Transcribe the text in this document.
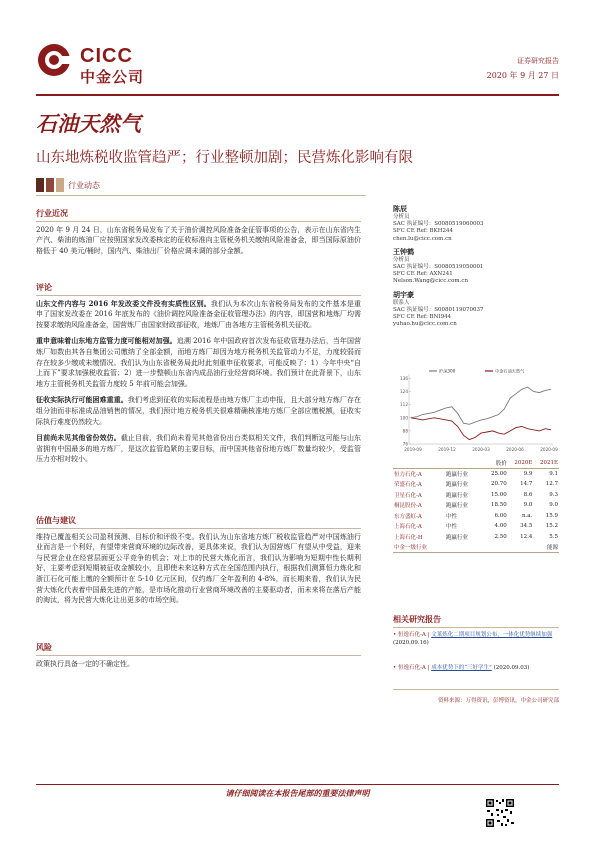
CICC
中金公司
证券研究报告
2020 年 9 月 27 日
石油天然气
山东地炼税收监管趋严；行业整顿加剧；民营炼化影响有限
行业动态
行业近况
2020 年 9 月 24 日，山东省税务局发布了关于油价调控风险准备金征管事项的公告，表示在山东省内生产汽、柴油的炼油厂应按照国家发改委核定的征收标准向主管税务机关缴纳风险准备金，即当国际原油价格低于 40 美元/桶时，国内汽、柴油出厂价格应调未调的部分金额。
评论
山东文件内容与 2016 年发改委文件没有实质性区别。我们认为本次山东省税务局发布的文件基本是重申了国家发改委在 2016 年底发布的《油价调控风险准备金征收管理办法》的内容，即国营和地炼厂均需按要求缴纳风险准备金，国营炼厂由国家财政部征收，地炼厂由各地方主管税务机关征收。
重申意味着山东地方监管力度可能相对加强。追溯 2016 年中国政府首次发布征收管理办法后，当年国营炼厂如数由其各自集团公司缴纳了全部金额，而地方炼厂却因为地方税务机关监管动力不足，力度较弱而存在较多少缴或未缴情况。我们认为山东省税务局此时此刻重申征收要求，可能反映了：1）今年中央“自上而下”要求加强税收监管；2）进一步整顿山东省内成品油行业经营商环境。我们预计在此背景下，山东地方主管税务机关监管力度较 5 年前可能会加强。
征收实际执行可能困难重重。我们考虑到征收的实际流程是由地方炼厂主动申报，且大部分地方炼厂存在组分油而非标准成品油销售的情况，我们预计地方税务机关很难精确核准地方炼厂全部应缴税额，征收实际执行难度仍然较大。
目前尚未见其他省份效仿。截止目前，我们尚未看见其他省份出台类似相关文件，我们判断这可能与山东省拥有中国最多的地方炼厂，是这次监管趋紧的主要目标，而中国其他省份地方炼厂数量均较少，受监管压力亦相对较小。
估值与建议
维持已覆盖相关公司盈利预测、目标价和评级不变。我们认为山东省地方炼厂税收监管趋严对中国炼油行业而言是一个利好，有望带来营商环境的边际改善，更具体来说，我们认为国营炼厂有望从中受益，迎来与民营企业在经营层面更公平竞争的机会；对上市的民营大炼化而言，我们认为影响为短期中性长期利好，主要考虑到短期被征收金额较小，且即使未来这种方式在全国范围内执行，根据我们测算恒力炼化和浙江石化可能上缴的全额预计在 5-10 亿元区间，仅约炼厂全年盈利的 4-8%，而长期来看，我们认为民营大炼化代表着中国最先进的产能，是市场化推动行业营商环境改善的主要驱动者，而未来将在落后产能的淘汰，将为民营大炼化让出更多的市场空间。
风险
政策执行具备一定的不确定性。
陈辰
分析员
SAC 执证编号：S0080519060003
SFC CE Ref: BKH244
chen.lu@cicc.com.cn
王钟鹤
分析员
SAC 执证编号：S0080519050001
SFC CE Ref: AXN241
Nelson.Wang@cicc.com.cn
胡宇豪
联系人
SAC 执证编号：S0080119070037
SFC CE Ref: BNI944
yuhao.hu@cicc.com.cn
76
88
100
112
124
136
2019-09	2019-12	2020-03	2020-06	2020-09
沪深300	中金石油天然气
		股价	2020E	2021E
恒力石化-A	跑赢行业	25.00	9.9	9.1
荣盛石化-A	跑赢行业	20.70	14.7	12.7
卫星石化-A	跑赢行业	15.00	8.6	9.3
桐昆股份-A	跑赢行业	18.50	9.0	9.0
东方盛虹-A	中性	6.00	n.a.	15.9
上海石化-A	中性	4.00	34.5	15.2
上海石化-H	跑赢行业	2.50	12.4	5.5
中金一级行业				能源
相关研究报告
• 恒逸石化-A | 文莱炼化二期项目规划公布，一体化优势继续加强 (2020.09.16)
• 恒逸石化-A | 成本优势下的“三好学生” (2020.09.03)
资料来源：万得资讯，彭博资讯，中金公司研究部
请仔细阅读在本报告尾部的重要法律声明
